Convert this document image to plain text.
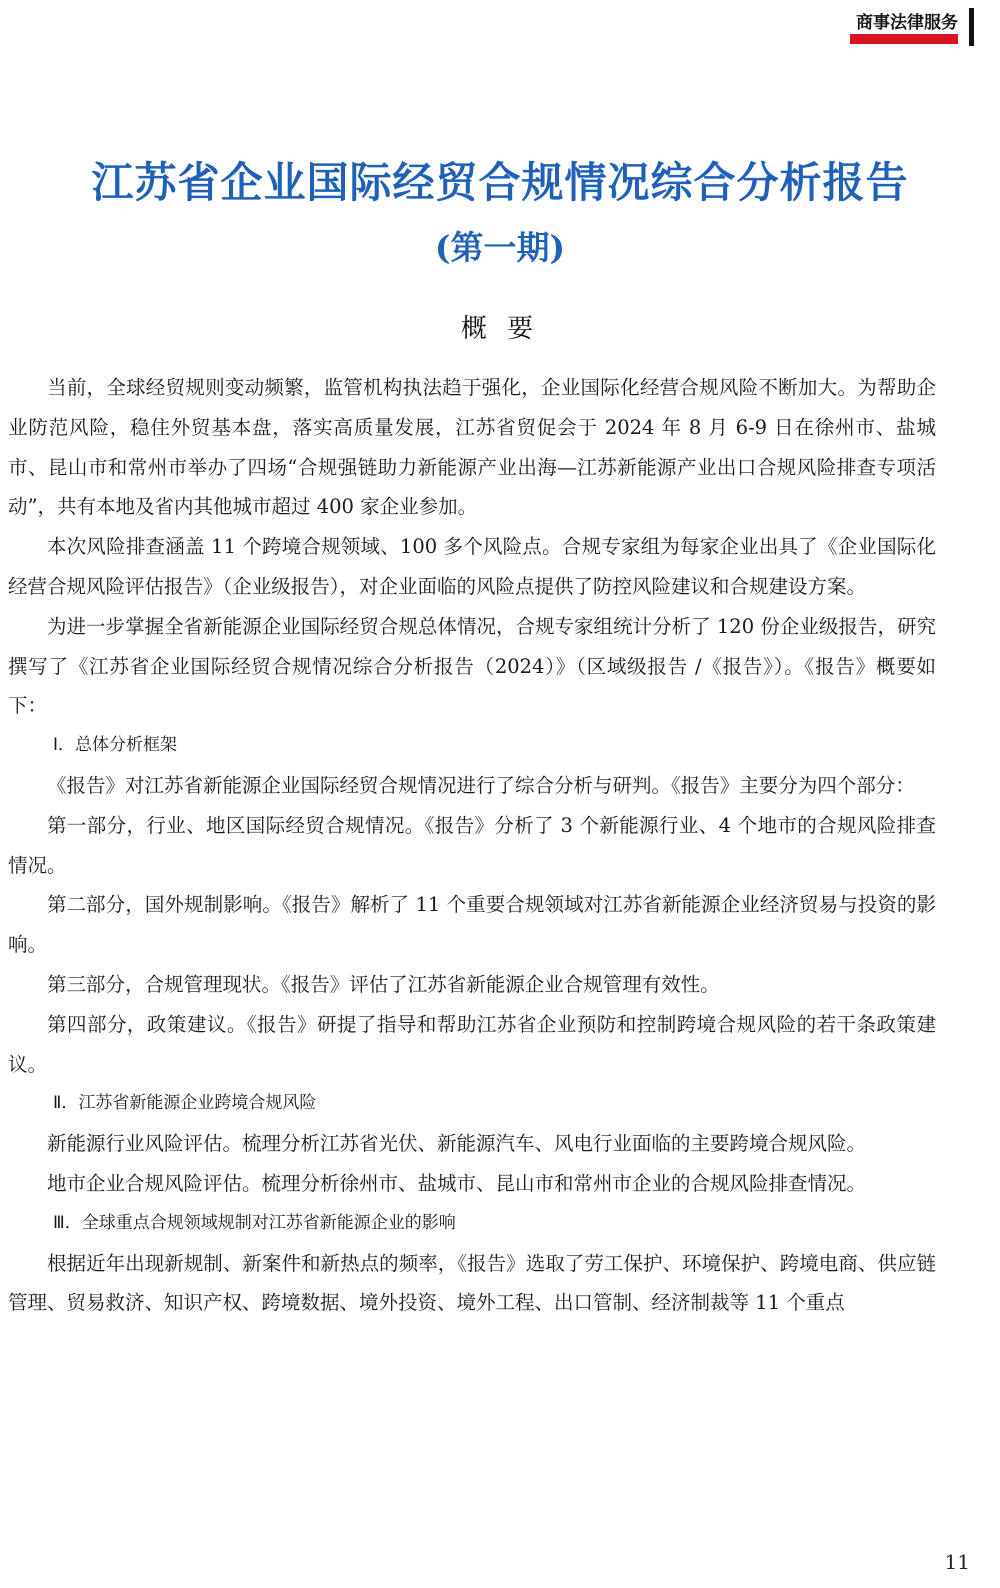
商事法律服务
江苏省企业国际经贸合规情况综合分析报告
(第一期)
概 要

当前，全球经贸规则变动频繁，监管机构执法趋于强化，企业国际化经营合规风险不断加大。为帮助企业防范风险，稳住外贸基本盘，落实高质量发展，江苏省贸促会于 2024 年 8 月 6-9 日在徐州市、盐城市、昆山市和常州市举办了四场“合规强链助力新能源产业出海—江苏新能源产业出口合规风险排查专项活动”，共有本地及省内其他城市超过 400 家企业参加。

本次风险排查涵盖 11 个跨境合规领域、100 多个风险点。合规专家组为每家企业出具了《企业国际化经营合规风险评估报告》（企业级报告），对企业面临的风险点提供了防控风险建议和合规建设方案。

为进一步掌握全省新能源企业国际经贸合规总体情况，合规专家组统计分析了 120 份企业级报告，研究撰写了《江苏省企业国际经贸合规情况综合分析报告（2024）》（区域级报告 /《报告》）。《报告》概要如下：

Ⅰ．总体分析框架

《报告》对江苏省新能源企业国际经贸合规情况进行了综合分析与研判。《报告》主要分为四个部分：

第一部分，行业、地区国际经贸合规情况。《报告》分析了 3 个新能源行业、4 个地市的合规风险排查情况。

第二部分，国外规制影响。《报告》解析了 11 个重要合规领域对江苏省新能源企业经济贸易与投资的影响。

第三部分，合规管理现状。《报告》评估了江苏省新能源企业合规管理有效性。

第四部分，政策建议。《报告》研提了指导和帮助江苏省企业预防和控制跨境合规风险的若干条政策建议。

Ⅱ．江苏省新能源企业跨境合规风险

新能源行业风险评估。梳理分析江苏省光伏、新能源汽车、风电行业面临的主要跨境合规风险。

地市企业合规风险评估。梳理分析徐州市、盐城市、昆山市和常州市企业的合规风险排查情况。

Ⅲ．全球重点合规领域规制对江苏省新能源企业的影响

根据近年出现新规制、新案件和新热点的频率，《报告》选取了劳工保护、环境保护、跨境电商、供应链管理、贸易救济、知识产权、跨境数据、境外投资、境外工程、出口管制、经济制裁等 11 个重点

11
